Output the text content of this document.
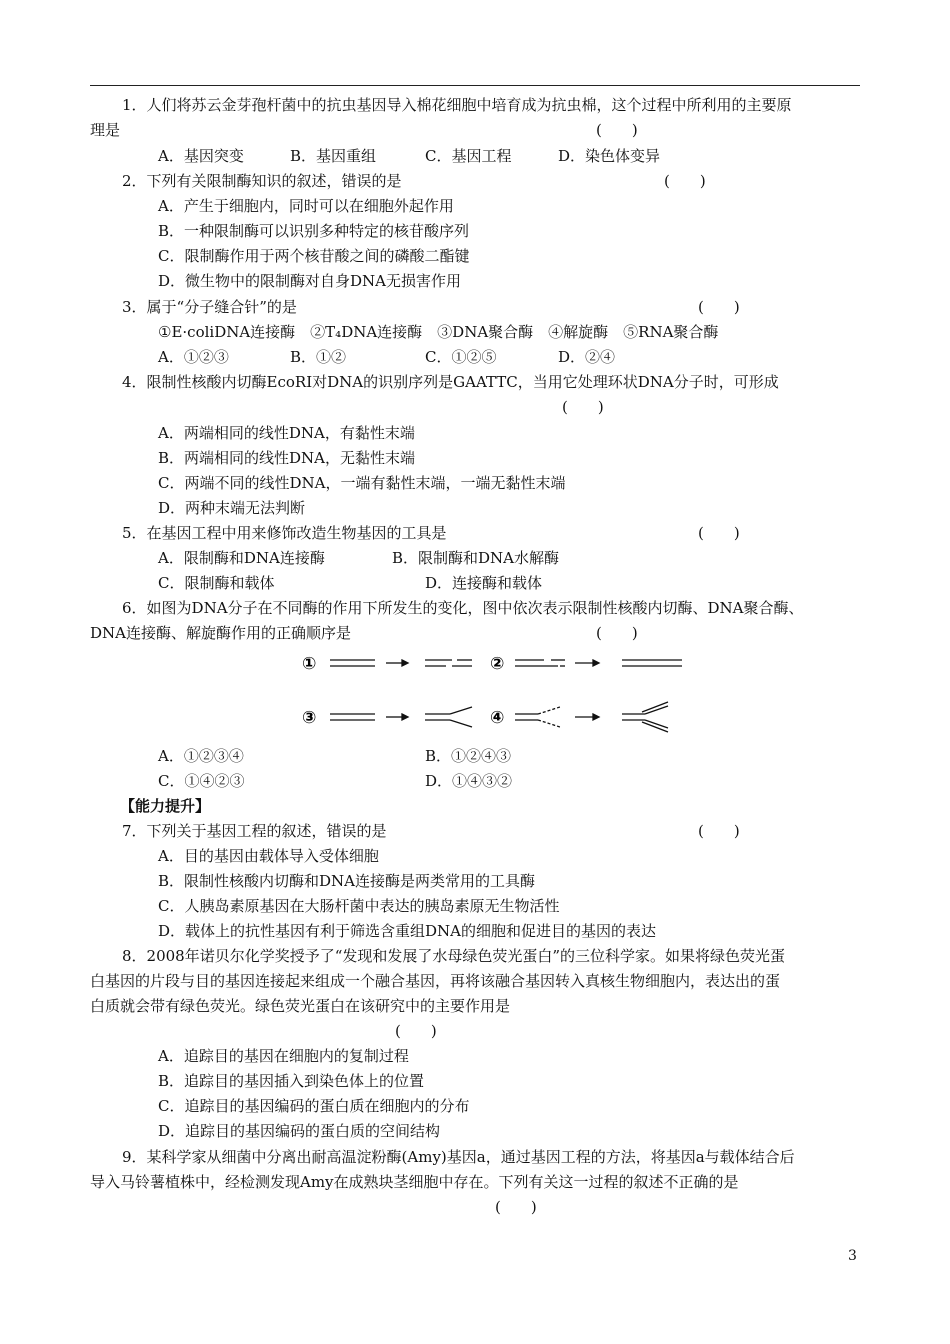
1．人们将苏云金芽孢杆菌中的抗虫基因导入棉花细胞中培育成为抗虫棉，这个过程中所利用的主要原
理是	(　　)
A．基因突变	B．基因重组	C．基因工程	D．染色体变异
2．下列有关限制酶知识的叙述，错误的是	(　　)
A．产生于细胞内，同时可以在细胞外起作用
B．一种限制酶可以识别多种特定的核苷酸序列
C．限制酶作用于两个核苷酸之间的磷酸二酯键
D．微生物中的限制酶对自身DNA无损害作用
3．属于“分子缝合针”的是	(　　)
①E·coliDNA连接酶　②T₄DNA连接酶　③DNA聚合酶　④解旋酶　⑤RNA聚合酶
A．①②③	B．①②	C．①②⑤	D．②④
4．限制性核酸内切酶EcoRⅠ对DNA的识别序列是GAATTC，当用它处理环状DNA分子时，可形成
(　　)
A．两端相同的线性DNA，有黏性末端
B．两端相同的线性DNA，无黏性末端
C．两端不同的线性DNA，一端有黏性末端，一端无黏性末端
D．两种末端无法判断
5．在基因工程中用来修饰改造生物基因的工具是	(　　)
A．限制酶和DNA连接酶	B．限制酶和DNA水解酶
C．限制酶和载体	D．连接酶和载体
6．如图为DNA分子在不同酶的作用下所发生的变化，图中依次表示限制性核酸内切酶、DNA聚合酶、
DNA连接酶、解旋酶作用的正确顺序是	(　　)
①	②
③	④
A．①②③④	B．①②④③
C．①④②③	D．①④③②
【能力提升】
7．下列关于基因工程的叙述，错误的是	(　　)
A．目的基因由载体导入受体细胞
B．限制性核酸内切酶和DNA连接酶是两类常用的工具酶
C．人胰岛素原基因在大肠杆菌中表达的胰岛素原无生物活性
D．载体上的抗性基因有利于筛选含重组DNA的细胞和促进目的基因的表达
8．2008年诺贝尔化学奖授予了“发现和发展了水母绿色荧光蛋白”的三位科学家。如果将绿色荧光蛋
白基因的片段与目的基因连接起来组成一个融合基因，再将该融合基因转入真核生物细胞内，表达出的蛋
白质就会带有绿色荧光。绿色荧光蛋白在该研究中的主要作用是
(　　)
A．追踪目的基因在细胞内的复制过程
B．追踪目的基因插入到染色体上的位置
C．追踪目的基因编码的蛋白质在细胞内的分布
D．追踪目的基因编码的蛋白质的空间结构
9．某科学家从细菌中分离出耐高温淀粉酶(Amy)基因a，通过基因工程的方法，将基因a与载体结合后
导入马铃薯植株中，经检测发现Amy在成熟块茎细胞中存在。下列有关这一过程的叙述不正确的是
(　　)
3
